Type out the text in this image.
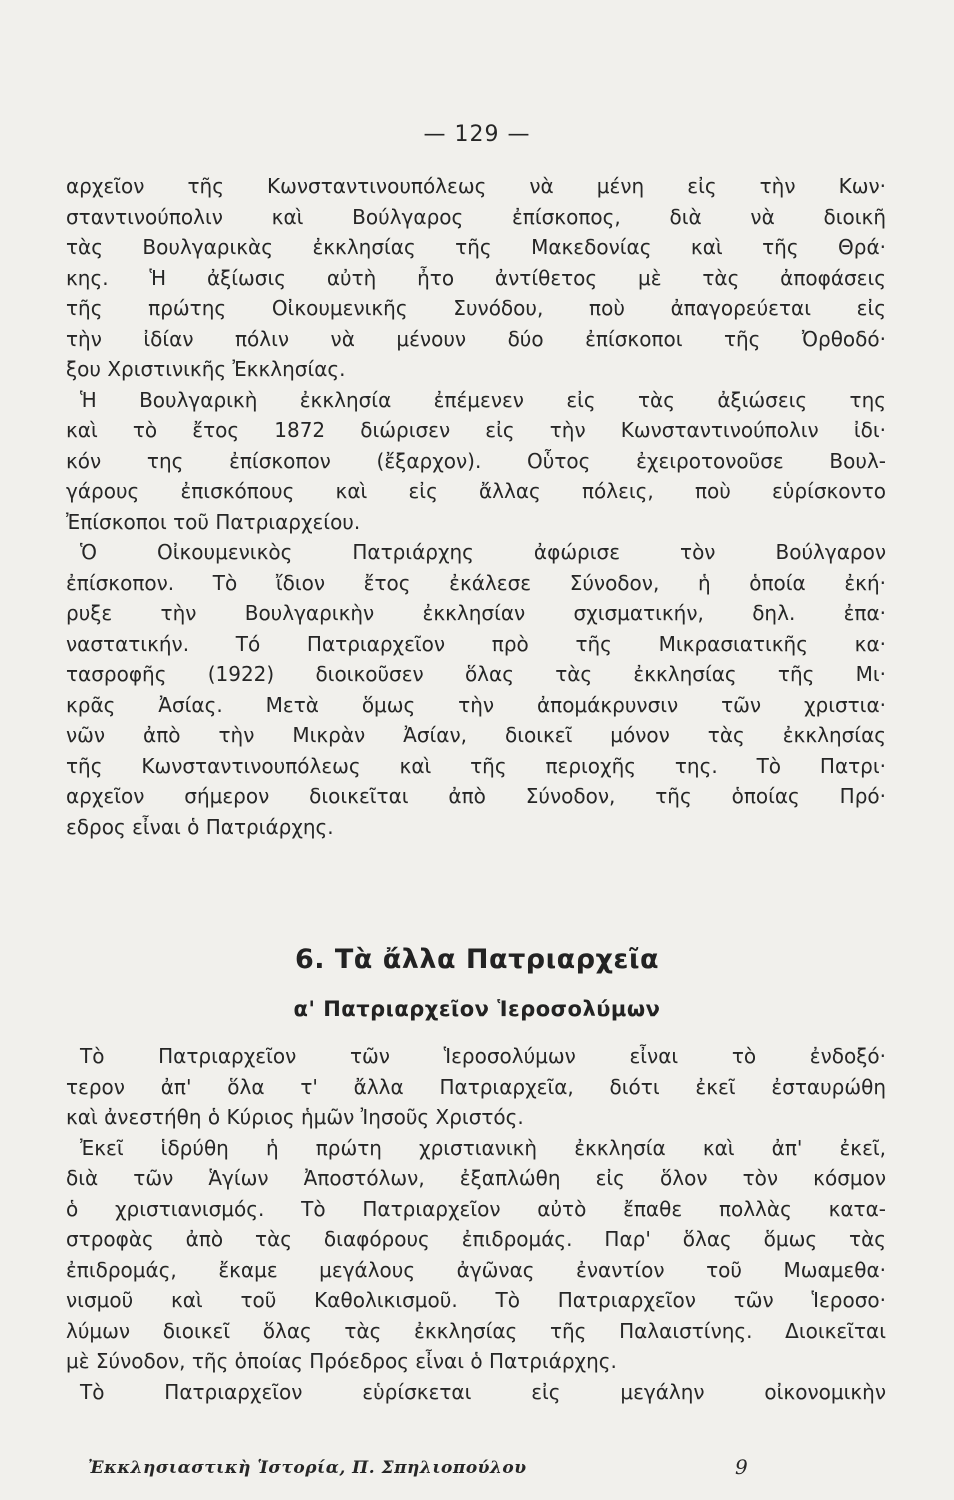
— 129 —
αρχεῖον τῆς Κωνσταντινουπόλεως νὰ μένη εἰς τὴν Κων·
σταντινούπολιν καὶ Βούλγαρος ἐπίσκοπος, διὰ νὰ διοικῆ
τὰς Βουλγαρικὰς ἐκκλησίας τῆς Μακεδονίας καὶ τῆς Θρά·
κης. Ἡ ἀξίωσις αὐτὴ ἦτο ἀντίθετος μὲ τὰς ἀποφάσεις
τῆς πρώτης Οἰκουμενικῆς Συνόδου, ποὺ ἀπαγορεύεται εἰς
τὴν ἰδίαν πόλιν νὰ μένουν δύο ἐπίσκοποι τῆς Ὀρθοδό·
ξου Χριστινικῆς Ἐκκλησίας.
Ἡ Βουλγαρικὴ ἐκκλησία ἐπέμενεν εἰς τὰς ἀξιώσεις της
καὶ τὸ ἔτος 1872 διώρισεν εἰς τὴν Κωνσταντινούπολιν ἰδι·
κόν της ἐπίσκοπον (ἔξαρχον). Οὗτος ἐχειροτονοῦσε Βουλ-
γάρους ἐπισκόπους καὶ εἰς ἄλλας πόλεις, ποὺ εὑρίσκοντο
Ἐπίσκοποι τοῦ Πατριαρχείου.
Ὁ Οἰκουμενικὸς Πατριάρχης ἀφώρισε τὸν Βούλγαρον
ἐπίσκοπον. Τὸ ἴδιον ἔτος ἐκάλεσε Σύνοδον, ἡ ὁποία ἐκή·
ρυξε τὴν Βουλγαρικὴν ἐκκλησίαν σχισματικήν, δηλ. ἐπα·
ναστατικήν. Τό Πατριαρχεῖον πρὸ τῆς Μικρασιατικῆς κα·
τασροφῆς (1922) διοικοῦσεν ὅλας τὰς ἐκκλησίας τῆς Μι·
κρᾶς Ἀσίας. Μετὰ ὅμως τὴν ἀπομάκρυνσιν τῶν χριστια·
νῶν ἀπὸ τὴν Μικρὰν Ἀσίαν, διοικεῖ μόνον τὰς ἐκκλησίας
τῆς Κωνσταντινουπόλεως καὶ τῆς περιοχῆς της. Τὸ Πατρι·
αρχεῖον σήμερον διοικεῖται ἀπὸ Σύνοδον, τῆς ὁποίας Πρό·
εδρος εἶναι ὁ Πατριάρχης.
6. Τὰ ἄλλα Πατριαρχεῖα
α' Πατριαρχεῖον Ἱεροσολύμων
Τὸ Πατριαρχεῖον τῶν Ἱεροσολύμων εἶναι τὸ ἐνδοξό·
τερον ἀπ' ὅλα τ' ἄλλα Πατριαρχεῖα, διότι ἐκεῖ ἐσταυρώθη
καὶ ἀνεστήθη ὁ Κύριος ἡμῶν Ἰησοῦς Χριστός.
Ἐκεῖ ἱδρύθη ἡ πρώτη χριστιανικὴ ἐκκλησία καὶ ἀπ' ἐκεῖ,
διὰ τῶν Ἁγίων Ἀποστόλων, ἐξαπλώθη εἰς ὅλον τὸν κόσμον
ὁ χριστιανισμός. Τὸ Πατριαρχεῖον αὐτὸ ἔπαθε πολλὰς κατα-
στροφὰς ἀπὸ τὰς διαφόρους ἐπιδρομάς. Παρ' ὅλας ὅμως τὰς
ἐπιδρομάς, ἔκαμε μεγάλους ἀγῶνας ἐναντίον τοῦ Μωαμεθα·
νισμοῦ καὶ τοῦ Καθολικισμοῦ. Τὸ Πατριαρχεῖον τῶν Ἱεροσο·
λύμων διοικεῖ ὅλας τὰς ἐκκλησίας τῆς Παλαιστίνης. Διοικεῖται
μὲ Σύνοδον, τῆς ὁποίας Πρόεδρος εἶναι ὁ Πατριάρχης.
Τὸ Πατριαρχεῖον εὑρίσκεται εἰς μεγάλην οἰκονομικὴν
Ἐκκλησιαστικὴ Ἱστορία, Π. Σπηλιοπούλου	9
